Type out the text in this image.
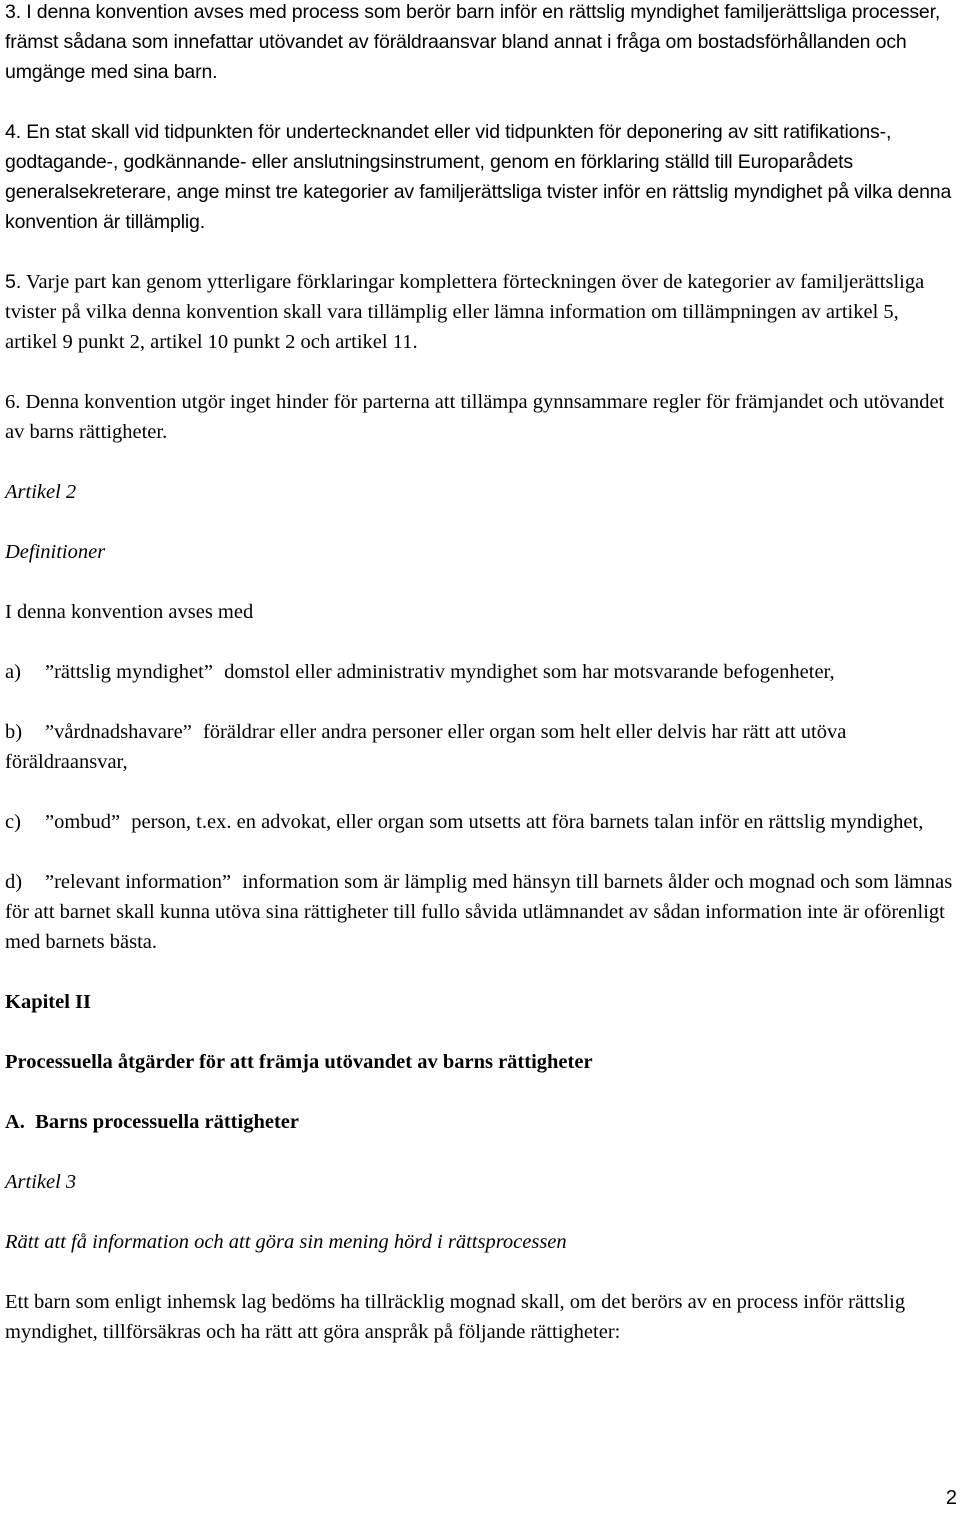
3. I denna konvention avses med process som berör barn inför en rättslig myndighet familjerättsliga processer, främst sådana som innefattar utövandet av föräldraansvar bland annat i fråga om bostadsförhållanden och umgänge med sina barn.

4. En stat skall vid tidpunkten för undertecknandet eller vid tidpunkten för deponering av sitt ratifikations-, godtagande-, godkännande- eller anslutningsinstrument, genom en förklaring ställd till Europarådets generalsekreterare, ange minst tre kategorier av familjerättsliga tvister inför en rättslig myndighet på vilka denna konvention är tillämplig.

5. Varje part kan genom ytterligare förklaringar komplettera förteckningen över de kategorier av familjerättsliga tvister på vilka denna konvention skall vara tillämplig eller lämna information om tillämpningen av artikel 5, artikel 9 punkt 2, artikel 10 punkt 2 och artikel 11.

6. Denna konvention utgör inget hinder för parterna att tillämpa gynnsammare regler för främjandet och utövandet av barns rättigheter.

Artikel 2

Definitioner

I denna konvention avses med

a) ”rättslig myndighet” domstol eller administrativ myndighet som har motsvarande befogenheter,

b) ”vårdnadshavare” föräldrar eller andra personer eller organ som helt eller delvis har rätt att utöva föräldraansvar,

c) ”ombud” person, t.ex. en advokat, eller organ som utsetts att föra barnets talan inför en rättslig myndighet,

d) ”relevant information” information som är lämplig med hänsyn till barnets ålder och mognad och som lämnas för att barnet skall kunna utöva sina rättigheter till fullo såvida utlämnandet av sådan information inte är oförenligt med barnets bästa.

Kapitel II

Processuella åtgärder för att främja utövandet av barns rättigheter

A.  Barns processuella rättigheter

Artikel 3

Rätt att få information och att göra sin mening hörd i rättsprocessen

Ett barn som enligt inhemsk lag bedöms ha tillräcklig mognad skall, om det berörs av en process inför rättslig myndighet, tillförsäkras och ha rätt att göra anspråk på följande rättigheter:

2
